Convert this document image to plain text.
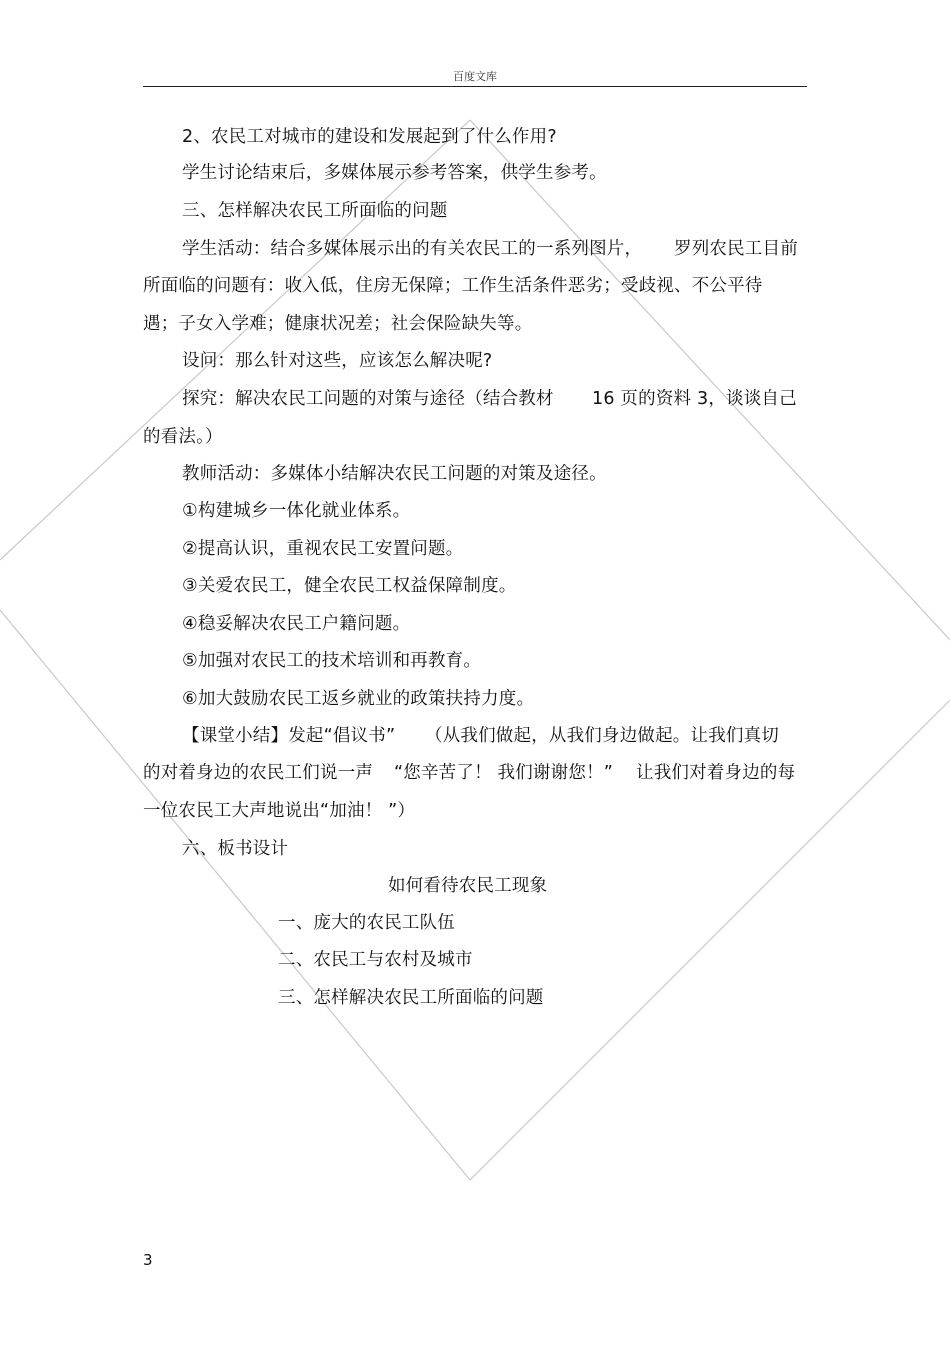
百度文库
2、农民工对城市的建设和发展起到了什么作用?
学生讨论结束后，多媒体展示参考答案，供学生参考。
三、怎样解决农民工所面临的问题
学生活动：结合多媒体展示出的有关农民工的一系列图片， 罗列农民工目前
所面临的问题有：收入低，住房无保障；工作生活条件恶劣；受歧视、不公平待
遇；子女入学难；健康状况差；社会保险缺失等。
设问：那么针对这些，应该怎么解决呢?
探究：解决农民工问题的对策与途径（结合教材 16 页的资料 3，谈谈自己
的看法。）
教师活动：多媒体小结解决农民工问题的对策及途径。
①构建城乡一体化就业体系。
②提高认识，重视农民工安置问题。
③关爱农民工，健全农民工权益保障制度。
④稳妥解决农民工户籍问题。
⑤加强对农民工的技术培训和再教育。
⑥加大鼓励农民工返乡就业的政策扶持力度。
【课堂小结】发起“倡议书” （从我们做起，从我们身边做起。让我们真切
的对着身边的农民工们说一声 “您辛苦了！ 我们谢谢您！” 让我们对着身边的每
一位农民工大声地说出“加油！ ”）
六、板书设计
如何看待农民工现象
一、庞大的农民工队伍
二、农民工与农村及城市
三、怎样解决农民工所面临的问题
3
